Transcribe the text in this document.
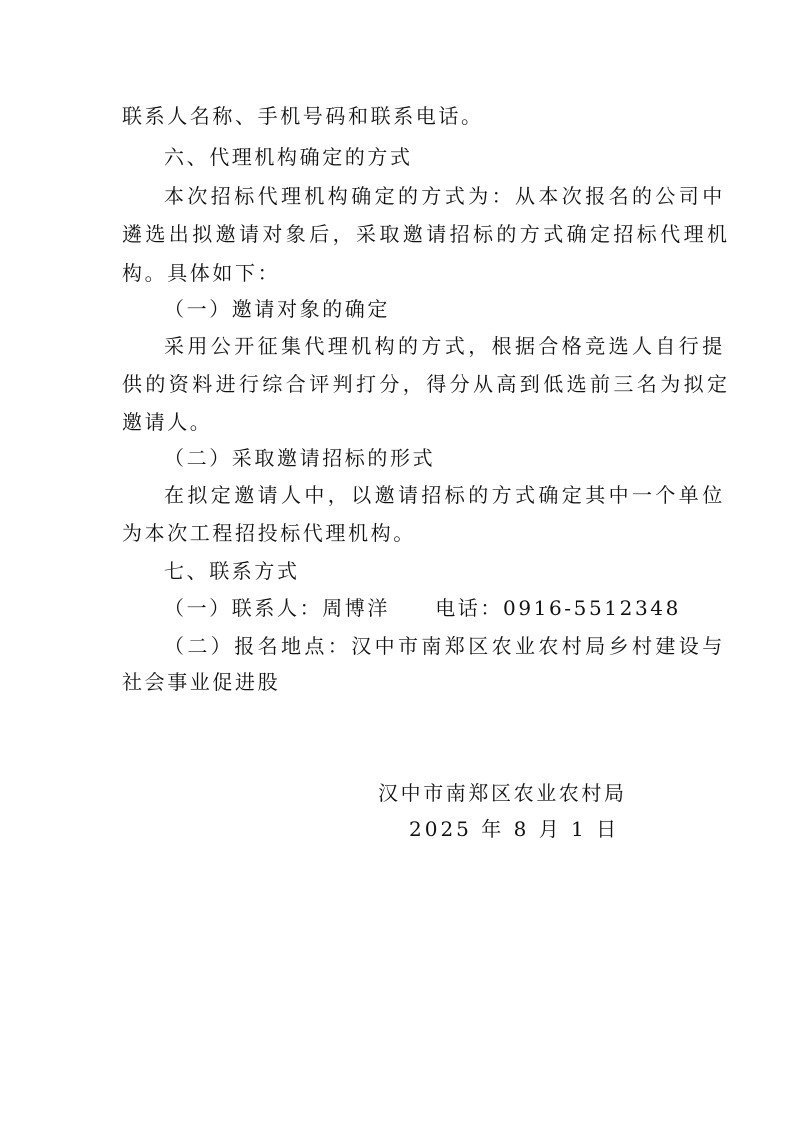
联系人名称、手机号码和联系电话。
六、代理机构确定的方式
本次招标代理机构确定的方式为：从本次报名的公司中
遴选出拟邀请对象后，采取邀请招标的方式确定招标代理机
构。具体如下：
（一）邀请对象的确定
采用公开征集代理机构的方式，根据合格竞选人自行提
供的资料进行综合评判打分，得分从高到低选前三名为拟定
邀请人。
（二）采取邀请招标的形式
在拟定邀请人中，以邀请招标的方式确定其中一个单位
为本次工程招投标代理机构。
七、联系方式
（一）联系人：周博洋　　电话：0916-5512348
（二）报名地点：汉中市南郑区农业农村局乡村建设与
社会事业促进股
汉中市南郑区农业农村局
2025 年 8 月 1 日
